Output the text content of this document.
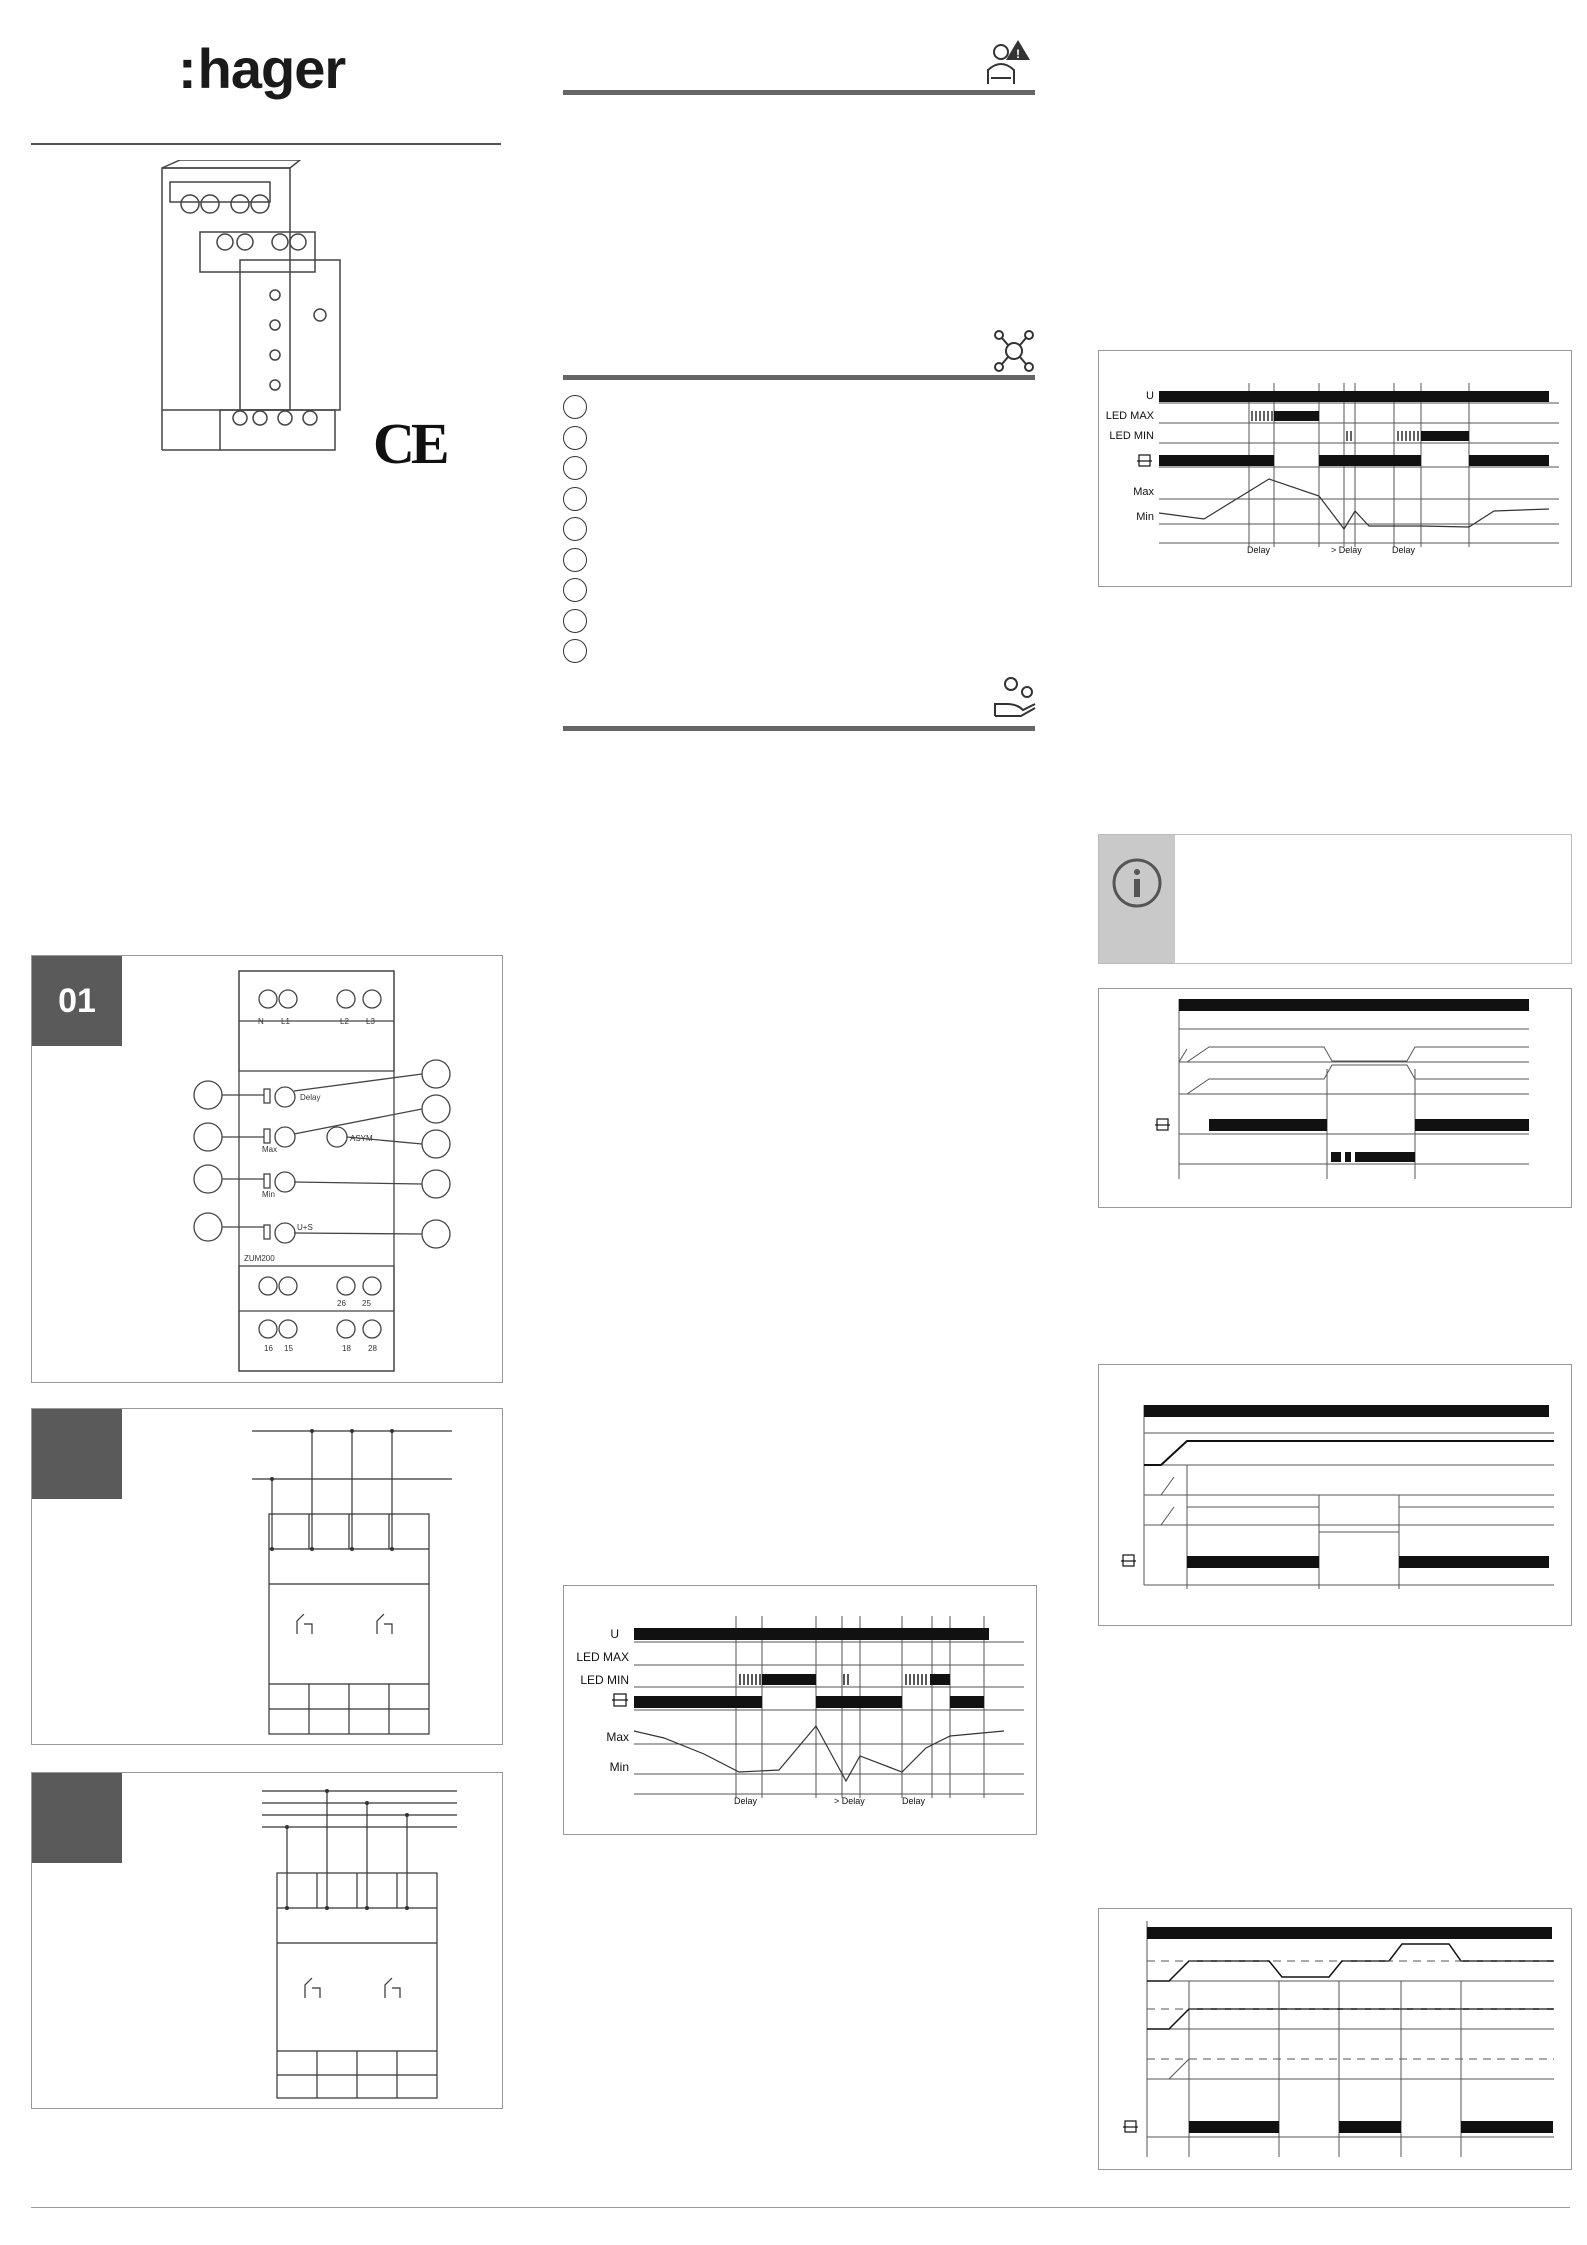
:hager
CE
01
N L1	L2 L3
Delay
Max
ASYM
Min
U+S
ZUM200
26 25
16 15	18 28
!
U
LED MAX
LED MIN
Max
Min
Delay	> Delay	Delay
U
LED MAX
LED MIN
Max
Min
Delay	> Delay	Delay
